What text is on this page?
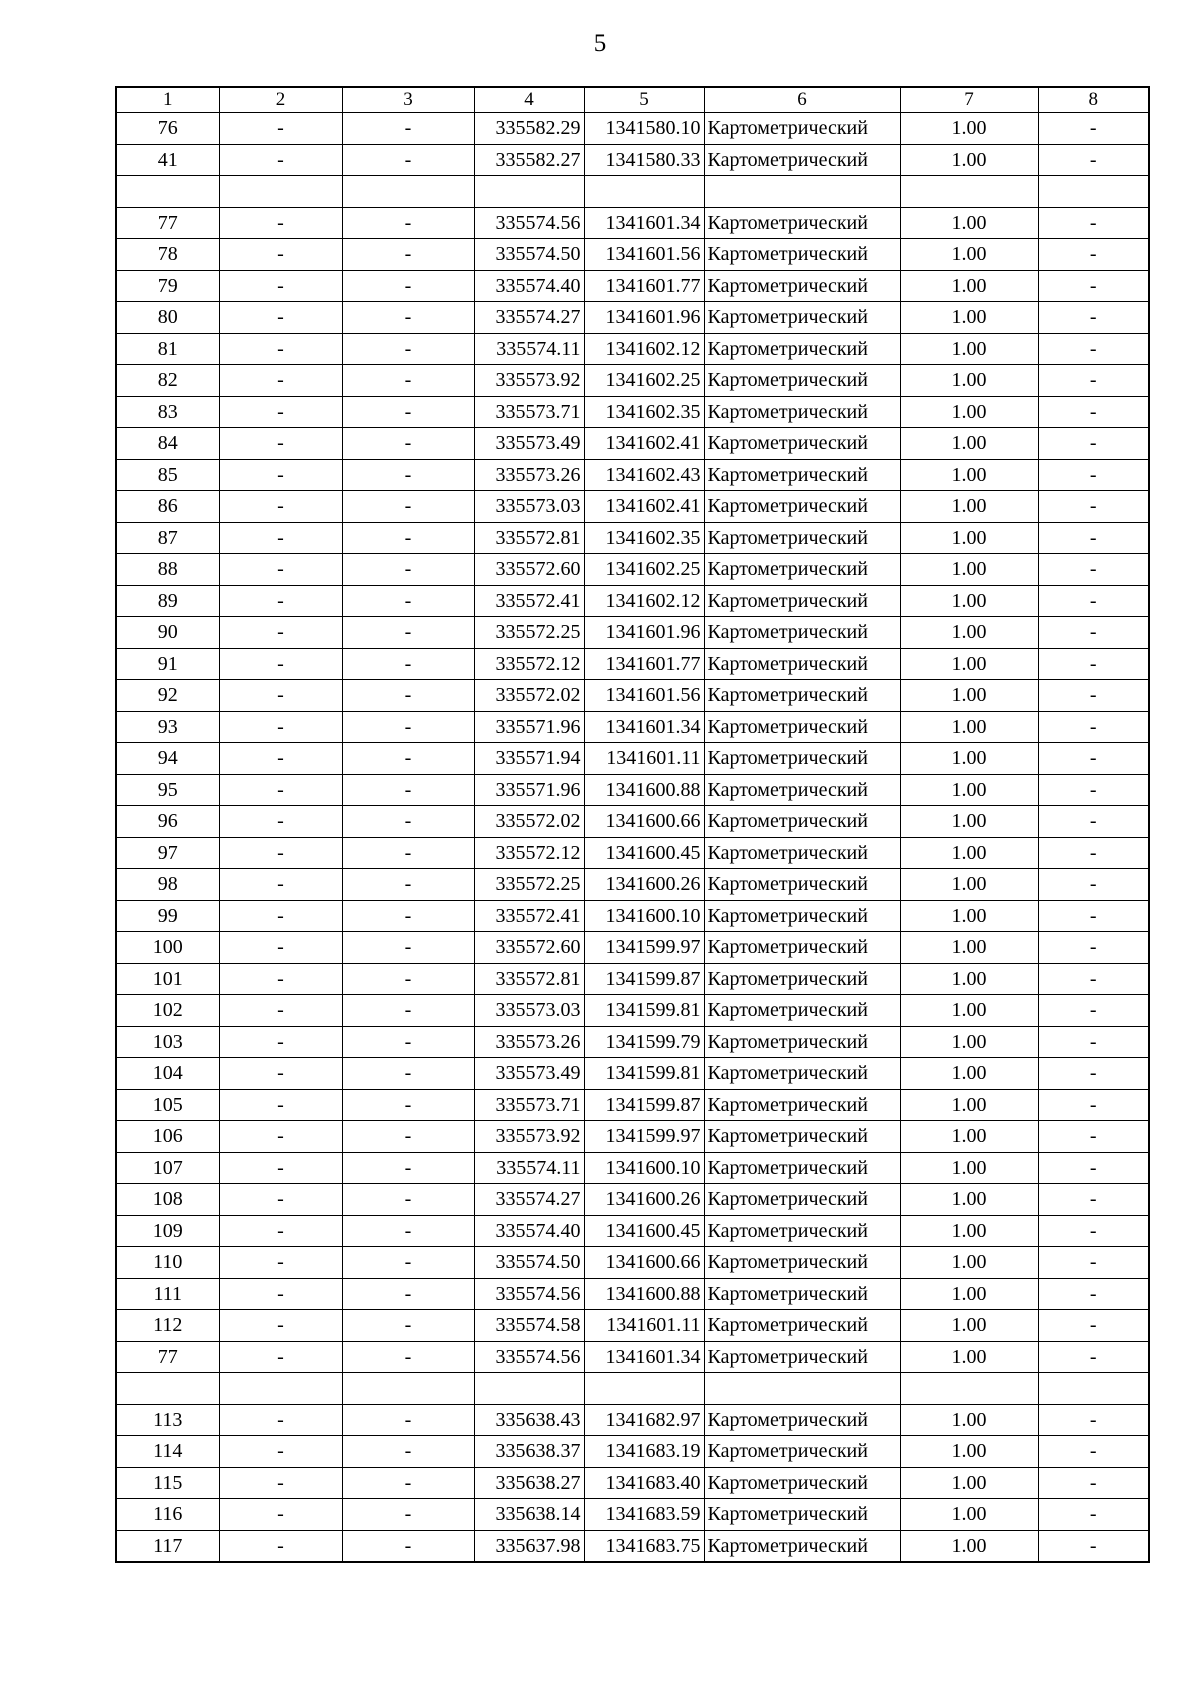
5
1	2	3	4	5	6	7	8
76	-	-	335582.29	1341580.10	Картометрический	1.00	-
41	-	-	335582.27	1341580.33	Картометрический	1.00	-

77	-	-	335574.56	1341601.34	Картометрический	1.00	-
78	-	-	335574.50	1341601.56	Картометрический	1.00	-
79	-	-	335574.40	1341601.77	Картометрический	1.00	-
80	-	-	335574.27	1341601.96	Картометрический	1.00	-
81	-	-	335574.11	1341602.12	Картометрический	1.00	-
82	-	-	335573.92	1341602.25	Картометрический	1.00	-
83	-	-	335573.71	1341602.35	Картометрический	1.00	-
84	-	-	335573.49	1341602.41	Картометрический	1.00	-
85	-	-	335573.26	1341602.43	Картометрический	1.00	-
86	-	-	335573.03	1341602.41	Картометрический	1.00	-
87	-	-	335572.81	1341602.35	Картометрический	1.00	-
88	-	-	335572.60	1341602.25	Картометрический	1.00	-
89	-	-	335572.41	1341602.12	Картометрический	1.00	-
90	-	-	335572.25	1341601.96	Картометрический	1.00	-
91	-	-	335572.12	1341601.77	Картометрический	1.00	-
92	-	-	335572.02	1341601.56	Картометрический	1.00	-
93	-	-	335571.96	1341601.34	Картометрический	1.00	-
94	-	-	335571.94	1341601.11	Картометрический	1.00	-
95	-	-	335571.96	1341600.88	Картометрический	1.00	-
96	-	-	335572.02	1341600.66	Картометрический	1.00	-
97	-	-	335572.12	1341600.45	Картометрический	1.00	-
98	-	-	335572.25	1341600.26	Картометрический	1.00	-
99	-	-	335572.41	1341600.10	Картометрический	1.00	-
100	-	-	335572.60	1341599.97	Картометрический	1.00	-
101	-	-	335572.81	1341599.87	Картометрический	1.00	-
102	-	-	335573.03	1341599.81	Картометрический	1.00	-
103	-	-	335573.26	1341599.79	Картометрический	1.00	-
104	-	-	335573.49	1341599.81	Картометрический	1.00	-
105	-	-	335573.71	1341599.87	Картометрический	1.00	-
106	-	-	335573.92	1341599.97	Картометрический	1.00	-
107	-	-	335574.11	1341600.10	Картометрический	1.00	-
108	-	-	335574.27	1341600.26	Картометрический	1.00	-
109	-	-	335574.40	1341600.45	Картометрический	1.00	-
110	-	-	335574.50	1341600.66	Картометрический	1.00	-
111	-	-	335574.56	1341600.88	Картометрический	1.00	-
112	-	-	335574.58	1341601.11	Картометрический	1.00	-
77	-	-	335574.56	1341601.34	Картометрический	1.00	-

113	-	-	335638.43	1341682.97	Картометрический	1.00	-
114	-	-	335638.37	1341683.19	Картометрический	1.00	-
115	-	-	335638.27	1341683.40	Картометрический	1.00	-
116	-	-	335638.14	1341683.59	Картометрический	1.00	-
117	-	-	335637.98	1341683.75	Картометрический	1.00	-
